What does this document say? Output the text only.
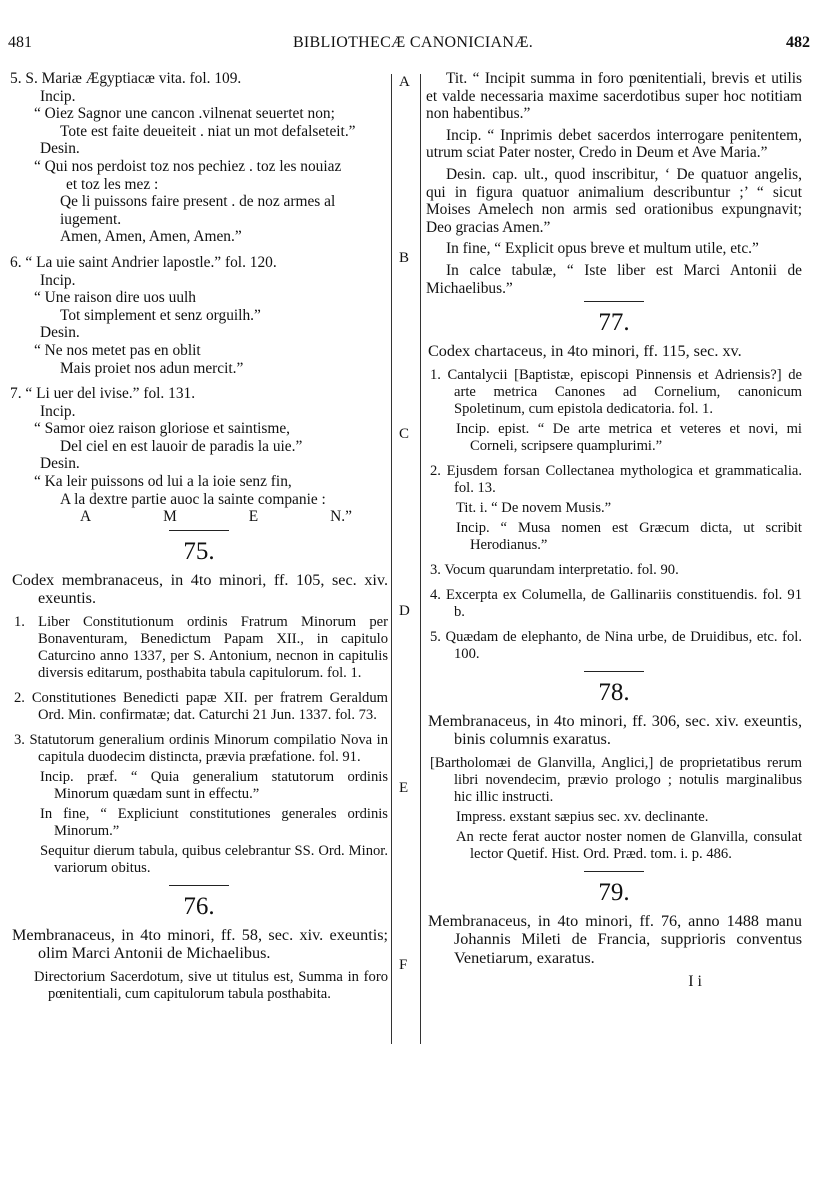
481	BIBLIOTHECÆ CANONICIANÆ.	482
A
B
C
D
E
F

5. S. Mariæ Ægyptiacæ vita. fol. 109.

Incip.

“ Oiez Sagnor une cancon .vilnenat seuertet non;

Tote est faite deueiteit . niat un mot defalseteit.”

Desin.

“ Qui nos perdoist toz nos pechiez . toz les nouiaz

et toz les mez :

Qe li puissons faire present . de noz armes al

iugement.

Amen, Amen, Amen, Amen.”

6. “ La uie saint Andrier lapostle.” fol. 120.

Incip.

“ Une raison dire uos uulh

Tot simplement et senz orguilh.”

Desin.

“ Ne nos metet pas en oblit

Mais proiet nos adun mercit.”

7. “ Li uer del ivise.” fol. 131.

Incip.

“ Samor oiez raison gloriose et saintisme,

Del ciel en est lauoir de paradis la uie.”

Desin.

“ Ka leir puissons od lui a la ioie senz fin,

A la dextre partie auoc la sainte companie :

A	M	E	N.”
75.

Codex membranaceus, in 4to minori, ff. 105, sec. xiv. exeuntis.

1. Liber Constitutionum ordinis Fratrum Minorum per Bonaventuram, Benedictum Papam XII., in capitulo Caturcino anno 1337, per S. Antonium, necnon in capitulis diversis editarum, posthabita tabula capitulorum. fol. 1.

2. Constitutiones Benedicti papæ XII. per fratrem Geraldum Ord. Min. confirmatæ; dat. Caturchi 21 Jun. 1337. fol. 73.

3. Statutorum generalium ordinis Minorum compilatio Nova in capitula duodecim distincta, prævia præfatione. fol. 91.

Incip. præf. “ Quia generalium statutorum ordinis Minorum quædam sunt in effectu.”

In fine, “ Expliciunt constitutiones generales ordinis Minorum.”

Sequitur dierum tabula, quibus celebrantur SS. Ord. Minor. variorum obitus.

76.

Membranaceus, in 4to minori, ff. 58, sec. xiv. exeuntis; olim Marci Antonii de Michaelibus.

Directorium Sacerdotum, sive ut titulus est, Summa in foro pœnitentiali, cum capitulorum tabula posthabita.

Tit. “ Incipit summa in foro pœnitentiali, brevis et utilis et valde necessaria maxime sacerdotibus super hoc notitiam non habentibus.”

Incip. “ Inprimis debet sacerdos interrogare penitentem, utrum sciat Pater noster, Credo in Deum et Ave Maria.”

Desin. cap. ult., quod inscribitur, ‘ De quatuor angelis, qui in figura quatuor animalium describuntur ;’ “ sicut Moises Amelech non armis sed orationibus expungnavit; Deo gracias Amen.”

In fine, “ Explicit opus breve et multum utile, etc.”

In calce tabulæ, “ Iste liber est Marci Antonii de Michaelibus.”

77.

Codex chartaceus, in 4to minori, ff. 115, sec. xv.

1. Cantalycii [Baptistæ, episcopi Pinnensis et Adriensis?] de arte metrica Canones ad Cornelium, canonicum Spoletinum, cum epistola dedicatoria. fol. 1.

Incip. epist. “ De arte metrica et veteres et novi, mi Corneli, scripsere quamplurimi.”

2. Ejusdem forsan Collectanea mythologica et grammaticalia. fol. 13.

Tit. i. “ De novem Musis.”

Incip. “ Musa nomen est Græcum dicta, ut scribit Herodianus.”

3. Vocum quarundam interpretatio. fol. 90.

4. Excerpta ex Columella, de Gallinariis constituendis. fol. 91 b.

5. Quædam de elephanto, de Nina urbe, de Druidibus, etc. fol. 100.

78.

Membranaceus, in 4to minori, ff. 306, sec. xiv. exeuntis, binis columnis exaratus.

[Bartholomæi de Glanvilla, Anglici,] de proprietatibus rerum libri novendecim, prævio prologo ; notulis marginalibus hic illic instructi.

Impress. exstant sæpius sec. xv. declinante.

An recte ferat auctor noster nomen de Glanvilla, consulat lector Quetif. Hist. Ord. Præd. tom. i. p. 486.

79.

Membranaceus, in 4to minori, ff. 76, anno 1488 manu Johannis Mileti de Francia, supprioris conventus Venetiarum, exaratus.

I i
